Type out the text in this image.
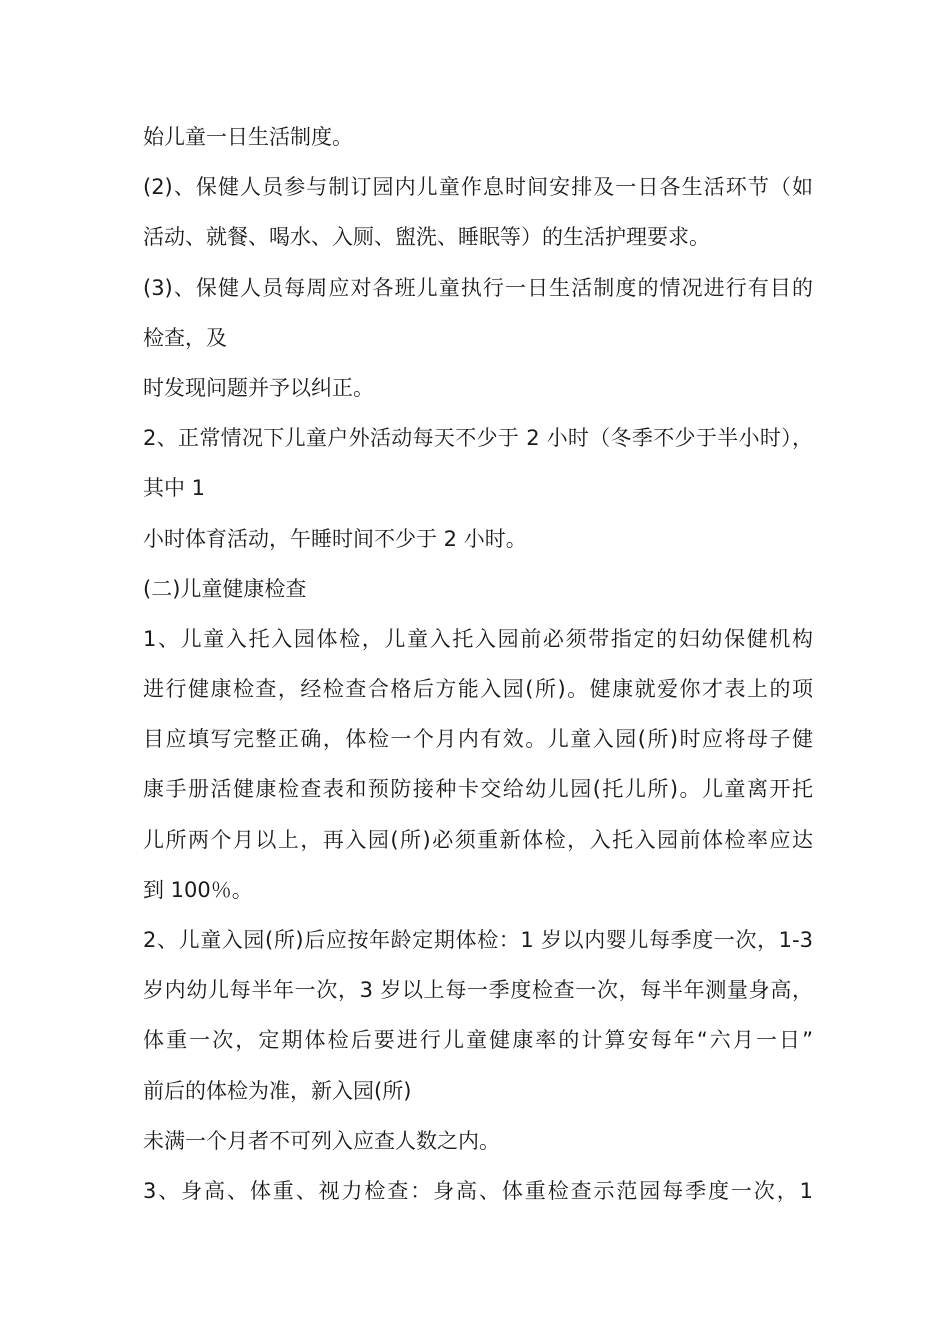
始儿童一日生活制度。
(2)、保健人员参与制订园内儿童作息时间安排及一日各生活环节（如
活动、就餐、喝水、入厕、盥洗、睡眠等）的生活护理要求。
(3)、保健人员每周应对各班儿童执行一日生活制度的情况进行有目的
检查，及
时发现问题并予以纠正。
2、正常情况下儿童户外活动每天不少于 2 小时（冬季不少于半小时），
其中 1
小时体育活动，午睡时间不少于 2 小时。
(二)儿童健康检查
1、儿童入托入园体检，儿童入托入园前必须带指定的妇幼保健机构
进行健康检查，经检查合格后方能入园(所)。健康就爱你才表上的项
目应填写完整正确，体检一个月内有效。儿童入园(所)时应将母子健
康手册活健康检查表和预防接种卡交给幼儿园(托儿所)。儿童离开托
儿所两个月以上，再入园(所)必须重新体检，入托入园前体检率应达
到 100％。
2、儿童入园(所)后应按年龄定期体检：1 岁以内婴儿每季度一次，1-3
岁内幼儿每半年一次，3 岁以上每一季度检查一次，每半年测量身高，
体重一次，定期体检后要进行儿童健康率的计算安每年“六月一日”
前后的体检为准，新入园(所)
未满一个月者不可列入应查人数之内。
3、身高、体重、视力检查：身高、体重检查示范园每季度一次，1
